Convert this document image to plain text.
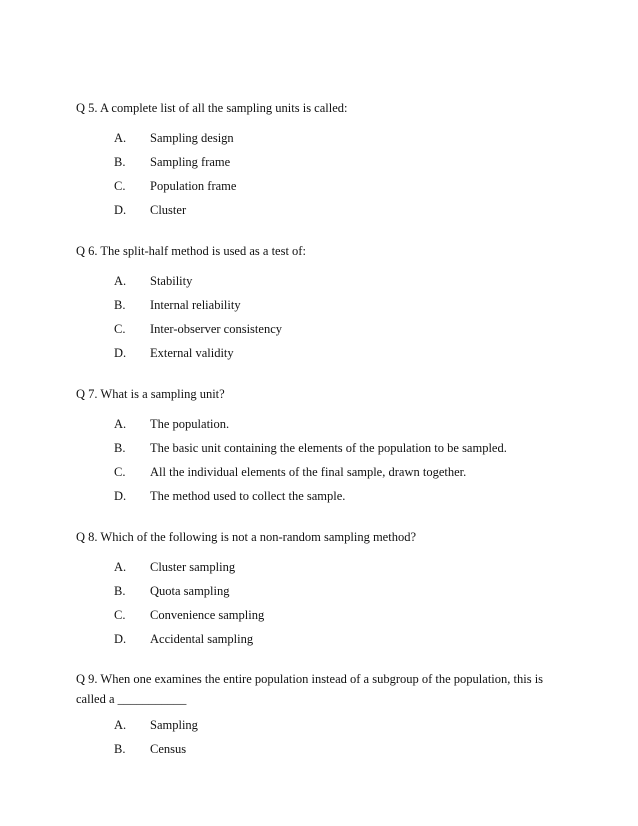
Q 5. A complete list of all the sampling units is called:

A. Sampling design
B. Sampling frame
C. Population frame
D. Cluster

Q 6. The split-half method is used as a test of:

A. Stability
B. Internal reliability
C. Inter-observer consistency
D. External validity

Q 7. What is a sampling unit?

A. The population.
B. The basic unit containing the elements of the population to be sampled.
C. All the individual elements of the final sample, drawn together.
D. The method used to collect the sample.

Q 8. Which of the following is not a non-random sampling method?

A. Cluster sampling
B. Quota sampling
C. Convenience sampling
D. Accidental sampling

Q 9. When one examines the entire population instead of a subgroup of the population, this is called a ___________

A. Sampling
B. Census
